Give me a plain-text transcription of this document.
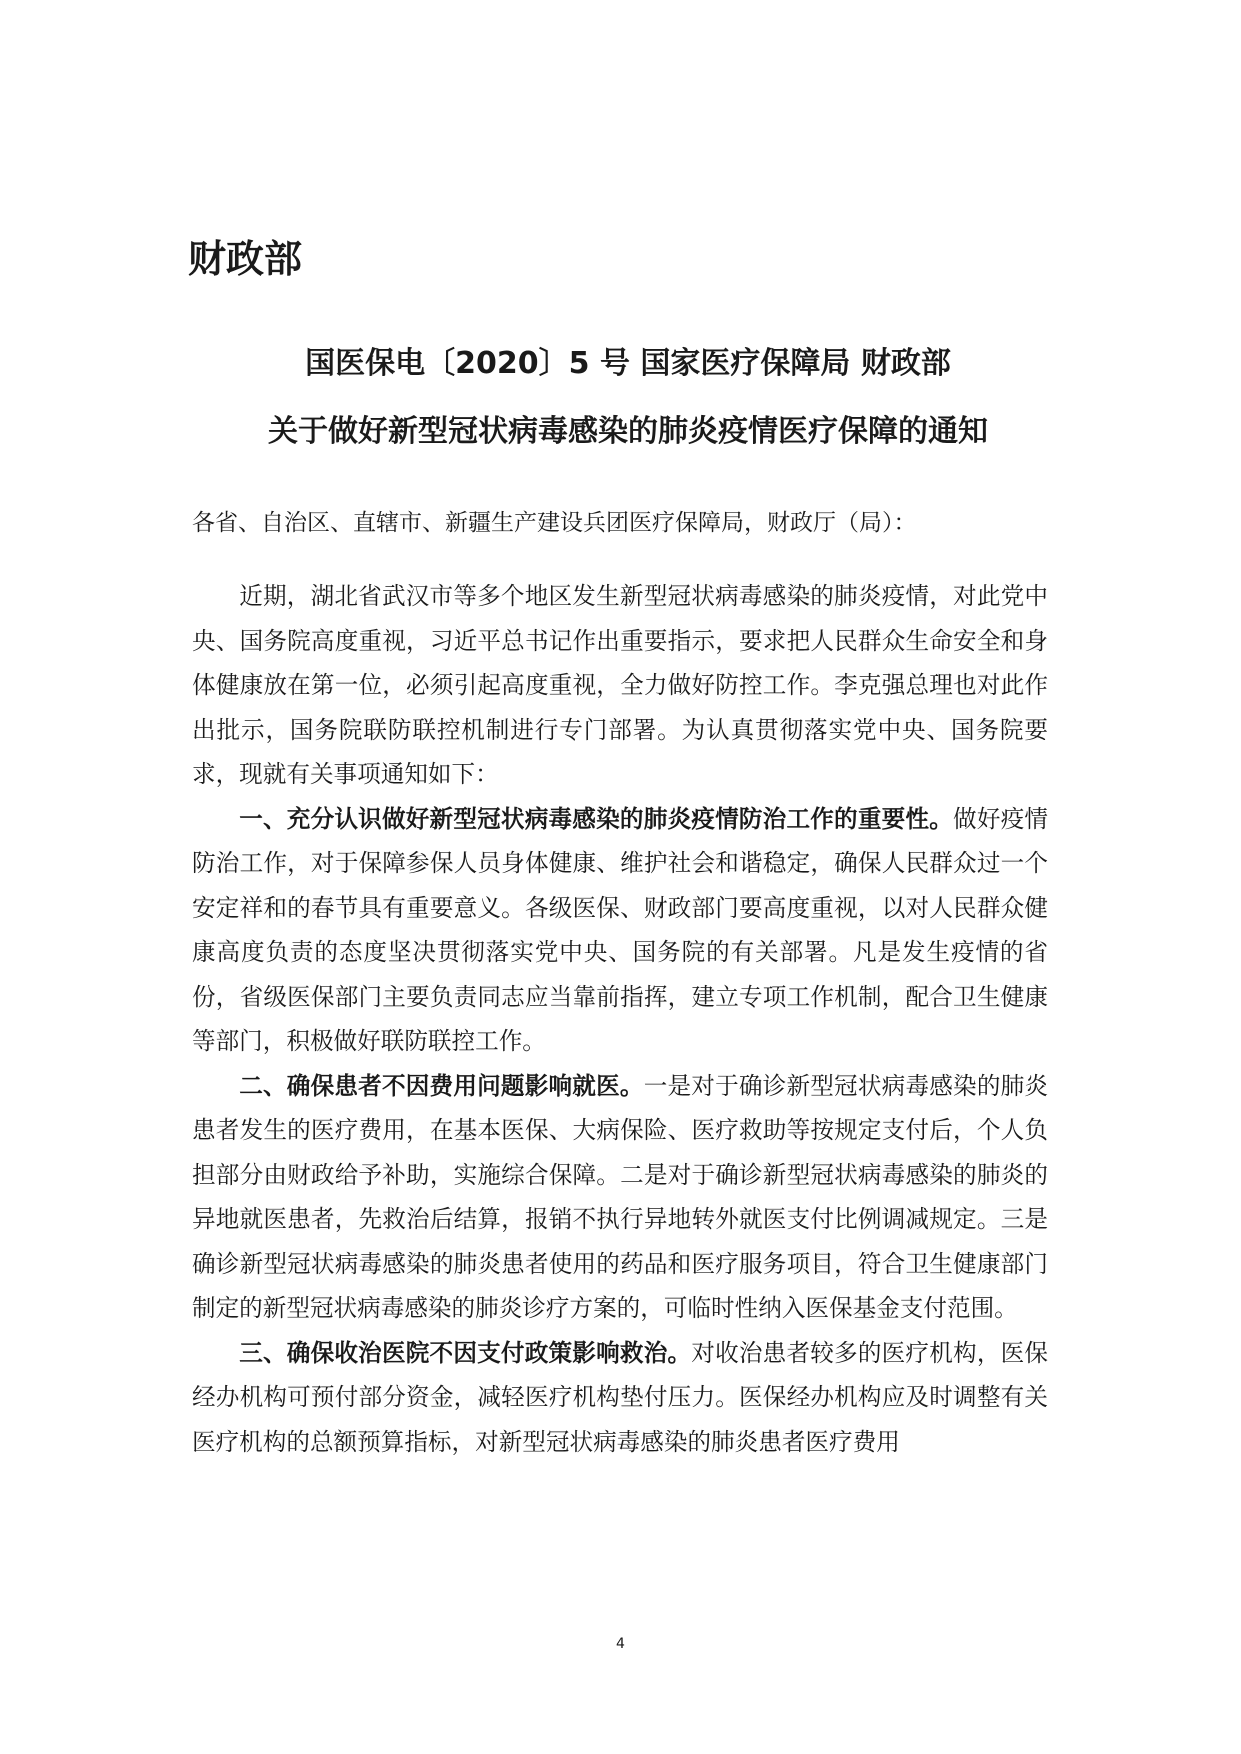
财政部
国医保电〔2020〕5 号 国家医疗保障局 财政部
关于做好新型冠状病毒感染的肺炎疫情医疗保障的通知

各省、自治区、直辖市、新疆生产建设兵团医疗保障局，财政厅（局）：

近期，湖北省武汉市等多个地区发生新型冠状病毒感染的肺炎疫情，对此党中央、国务院高度重视，习近平总书记作出重要指示，要求把人民群众生命安全和身体健康放在第一位，必须引起高度重视，全力做好防控工作。李克强总理也对此作出批示，国务院联防联控机制进行专门部署。为认真贯彻落实党中央、国务院要求，现就有关事项通知如下：

一、充分认识做好新型冠状病毒感染的肺炎疫情防治工作的重要性。做好疫情防治工作，对于保障参保人员身体健康、维护社会和谐稳定，确保人民群众过一个安定祥和的春节具有重要意义。各级医保、财政部门要高度重视，以对人民群众健康高度负责的态度坚决贯彻落实党中央、国务院的有关部署。凡是发生疫情的省份，省级医保部门主要负责同志应当靠前指挥，建立专项工作机制，配合卫生健康等部门，积极做好联防联控工作。

二、确保患者不因费用问题影响就医。一是对于确诊新型冠状病毒感染的肺炎患者发生的医疗费用，在基本医保、大病保险、医疗救助等按规定支付后，个人负担部分由财政给予补助，实施综合保障。二是对于确诊新型冠状病毒感染的肺炎的异地就医患者，先救治后结算，报销不执行异地转外就医支付比例调减规定。三是确诊新型冠状病毒感染的肺炎患者使用的药品和医疗服务项目，符合卫生健康部门制定的新型冠状病毒感染的肺炎诊疗方案的，可临时性纳入医保基金支付范围。

三、确保收治医院不因支付政策影响救治。对收治患者较多的医疗机构，医保经办机构可预付部分资金，减轻医疗机构垫付压力。医保经办机构应及时调整有关医疗机构的总额预算指标，对新型冠状病毒感染的肺炎患者医疗费用

4
